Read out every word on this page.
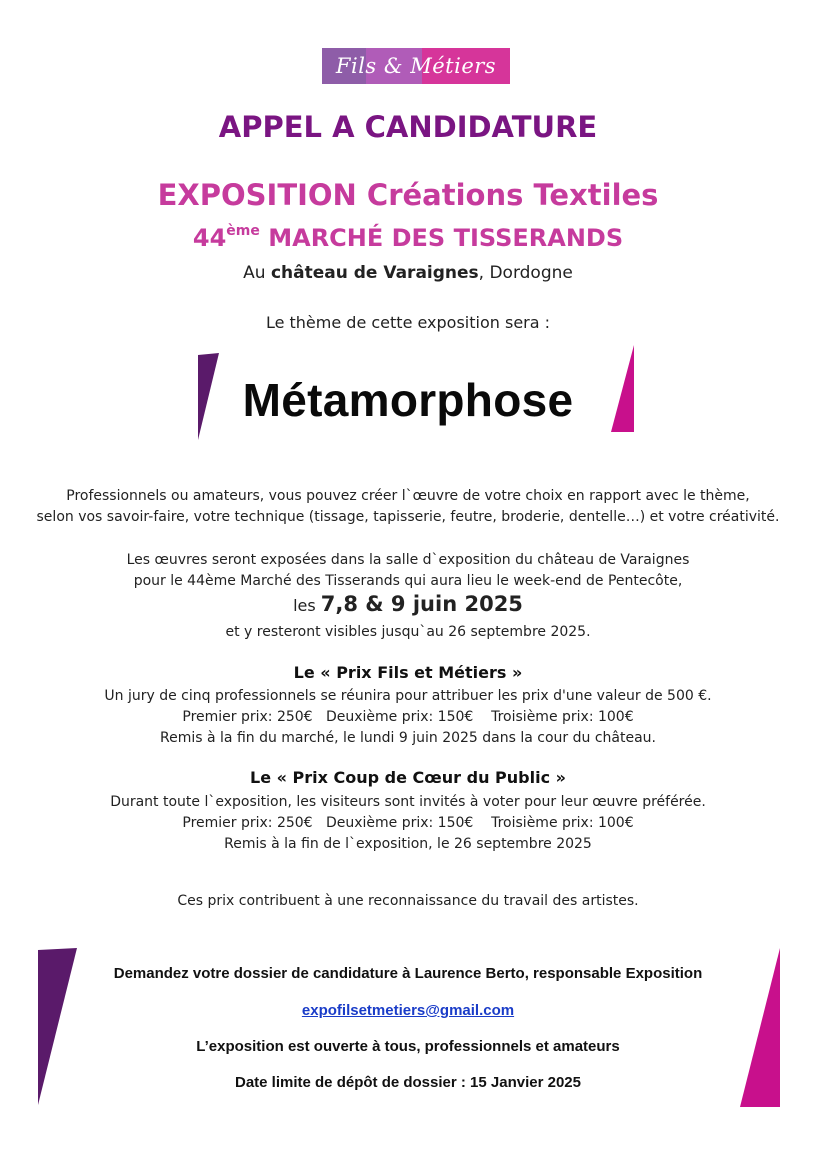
Fils & Métiers
APPEL A CANDIDATURE
EXPOSITION Créations Textiles
44ème MARCHÉ DES TISSERANDS
Au château de Varaignes, Dordogne
Le thème de cette exposition sera :
Métamorphose
Professionnels ou amateurs, vous pouvez créer l`œuvre de votre choix en rapport avec le thème,
selon vos savoir-faire, votre technique (tissage, tapisserie, feutre, broderie, dentelle…) et votre créativité.
Les œuvres seront exposées dans la salle d`exposition du château de Varaignes
pour le 44ème Marché des Tisserands qui aura lieu le week-end de Pentecôte,
les 7,8 & 9 juin 2025
et y resteront visibles jusqu`au 26 septembre 2025.
Le « Prix Fils et Métiers »
Un jury de cinq professionnels se réunira pour attribuer les prix d'une valeur de 500 €.
Premier prix: 250€   Deuxième prix: 150€    Troisième prix: 100€
Remis à la fin du marché, le lundi 9 juin 2025 dans la cour du château.
Le « Prix Coup de Cœur du Public »
Durant toute l`exposition, les visiteurs sont invités à voter pour leur œuvre préférée.
Premier prix: 250€   Deuxième prix: 150€    Troisième prix: 100€
Remis à la fin de l`exposition, le 26 septembre 2025
Ces prix contribuent à une reconnaissance du travail des artistes.
Demandez votre dossier de candidature à Laurence Berto, responsable Exposition
expofilsetmetiers@gmail.com
L’exposition est ouverte à tous, professionnels et amateurs
Date limite de dépôt de dossier : 15 Janvier 2025
